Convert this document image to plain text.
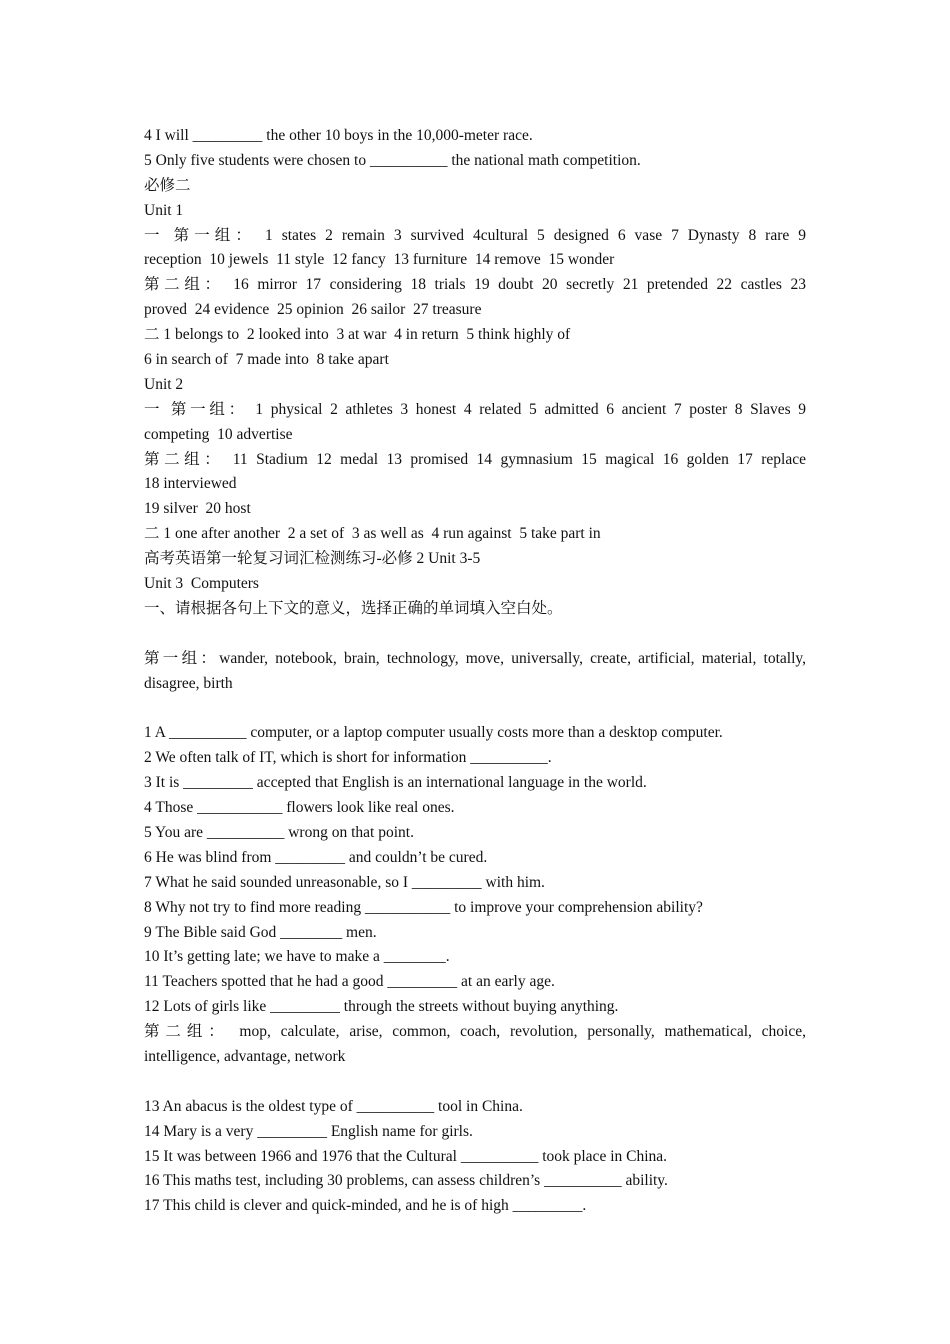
4 I will _________ the other 10 boys in the 10,000-meter race.
5 Only five students were chosen to __________ the national math competition.
必修二
Unit 1
一 第一组： 1 states 2 remain 3 survived 4cultural 5 designed 6 vase 7 Dynasty 8 rare 9
reception  10 jewels  11 style  12 fancy  13 furniture  14 remove  15 wonder
第二组： 16 mirror 17 considering 18 trials 19 doubt 20 secretly 21 pretended 22 castles 23
proved  24 evidence  25 opinion  26 sailor  27 treasure
二 1 belongs to  2 looked into  3 at war  4 in return  5 think highly of
6 in search of  7 made into  8 take apart
Unit 2
一 第一组： 1 physical 2 athletes 3 honest 4 related 5 admitted 6 ancient 7 poster 8 Slaves 9
competing  10 advertise
第二组： 11 Stadium 12 medal 13 promised 14 gymnasium 15 magical 16 golden 17 replace
18 interviewed
19 silver  20 host
二 1 one after another  2 a set of  3 as well as  4 run against  5 take part in
高考英语第一轮复习词汇检测练习-必修 2 Unit 3-5
Unit 3  Computers
一、请根据各句上下文的意义，选择正确的单词填入空白处。
第一组：wander, notebook, brain, technology, move, universally, create, artificial, material, totally,
disagree, birth
1 A __________ computer, or a laptop computer usually costs more than a desktop computer.
2 We often talk of IT, which is short for information __________.
3 It is _________ accepted that English is an international language in the world.
4 Those ___________ flowers look like real ones.
5 You are __________ wrong on that point.
6 He was blind from _________ and couldn’t be cured.
7 What he said sounded unreasonable, so I _________ with him.
8 Why not try to find more reading ___________ to improve your comprehension ability?
9 The Bible said God ________ men.
10 It’s getting late; we have to make a ________.
11 Teachers spotted that he had a good _________ at an early age.
12 Lots of girls like _________ through the streets without buying anything.
第二组： mop, calculate, arise, common, coach, revolution, personally, mathematical, choice,
intelligence, advantage, network
13 An abacus is the oldest type of __________ tool in China.
14 Mary is a very _________ English name for girls.
15 It was between 1966 and 1976 that the Cultural __________ took place in China.
16 This maths test, including 30 problems, can assess children’s __________ ability.
17 This child is clever and quick-minded, and he is of high _________.
